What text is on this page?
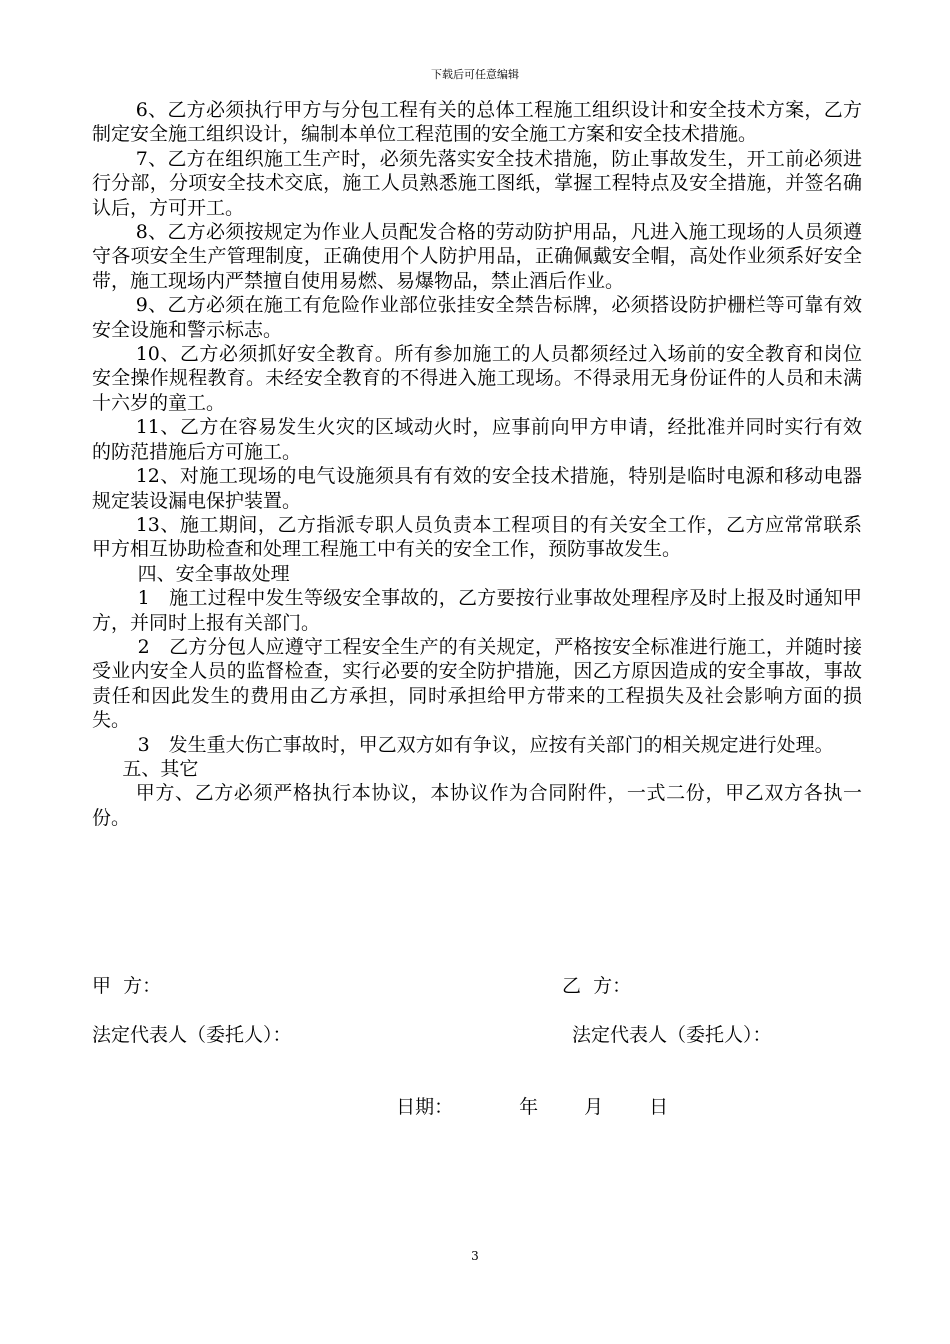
下载后可任意编辑

6、乙方必须执行甲方与分包工程有关的总体工程施工组织设计和安全技术方案，乙方制定安全施工组织设计，编制本单位工程范围的安全施工方案和安全技术措施。

7、乙方在组织施工生产时，必须先落实安全技术措施，防止事故发生，开工前必须进行分部，分项安全技术交底，施工人员熟悉施工图纸，掌握工程特点及安全措施，并签名确认后，方可开工。

8、乙方必须按规定为作业人员配发合格的劳动防护用品，凡进入施工现场的人员须遵守各项安全生产管理制度，正确使用个人防护用品，正确佩戴安全帽，高处作业须系好安全带，施工现场内严禁擅自使用易燃、易爆物品，禁止酒后作业。

9、乙方必须在施工有危险作业部位张挂安全禁告标牌，必须搭设防护栅栏等可靠有效安全设施和警示标志。

10、乙方必须抓好安全教育。所有参加施工的人员都须经过入场前的安全教育和岗位安全操作规程教育。未经安全教育的不得进入施工现场。不得录用无身份证件的人员和未满十六岁的童工。

11、乙方在容易发生火灾的区域动火时，应事前向甲方申请，经批准并同时实行有效的防范措施后方可施工。

12、对施工现场的电气设施须具有有效的安全技术措施，特别是临时电源和移动电器规定装设漏电保护装置。

13、施工期间，乙方指派专职人员负责本工程项目的有关安全工作，乙方应常常联系甲方相互协助检查和处理工程施工中有关的安全工作，预防事故发生。

四、安全事故处理

1　施工过程中发生等级安全事故的，乙方要按行业事故处理程序及时上报及时通知甲方，并同时上报有关部门。

2　乙方分包人应遵守工程安全生产的有关规定，严格按安全标准进行施工，并随时接受业内安全人员的监督检查，实行必要的安全防护措施，因乙方原因造成的安全事故，事故责任和因此发生的费用由乙方承担，同时承担给甲方带来的工程损失及社会影响方面的损失。

3　发生重大伤亡事故时，甲乙双方如有争议，应按有关部门的相关规定进行处理。

五、其它

甲方、乙方必须严格执行本协议，本协议作为合同附件，一式二份，甲乙双方各执一份。

甲  方：	乙  方：
法定代表人（委托人）：	法定代表人（委托人）：

日期：	年 月 日

3
